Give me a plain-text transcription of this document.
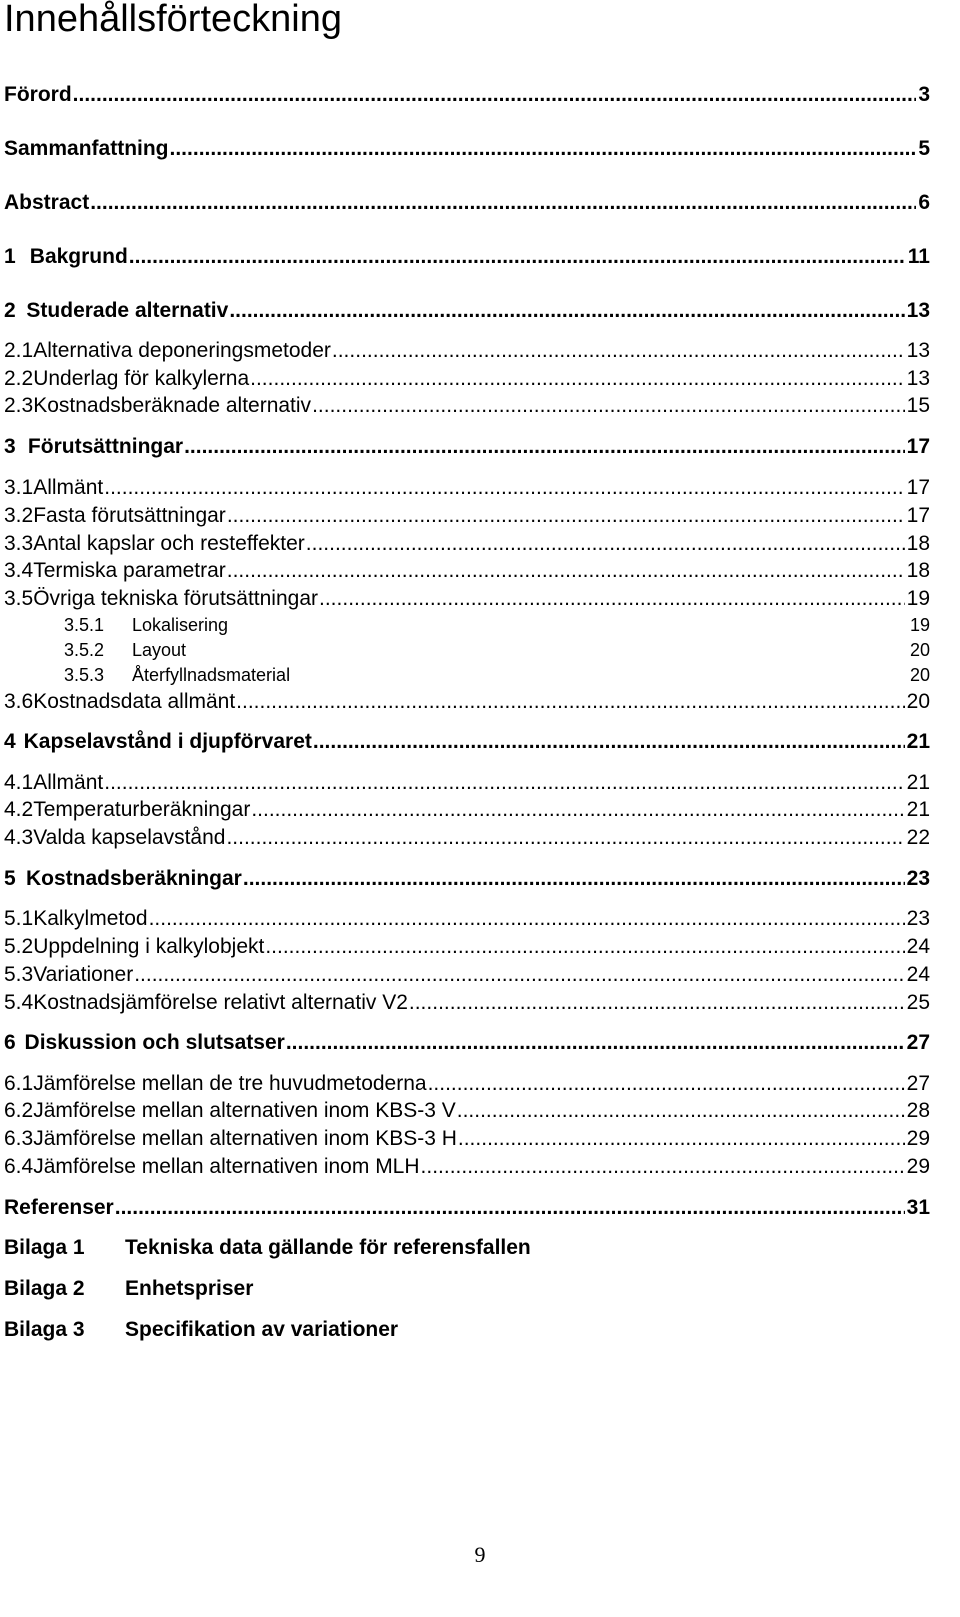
Innehållsförteckning
Förord .....	3
Sammanfattning .....	5
Abstract .....	6
1 Bakgrund .....	11
2 Studerade alternativ .....	13
2.1 Alternativa deponeringsmetoder .....	13
2.2 Underlag för kalkylerna .....	13
2.3 Kostnadsberäknade alternativ .....	15
3 Förutsättningar .....	17
3.1 Allmänt .....	17
3.2 Fasta förutsättningar .....	17
3.3 Antal kapslar och resteffekter .....	18
3.4 Termiska parametrar .....	18
3.5 Övriga tekniska förutsättningar .....	19
3.5.1	Lokalisering	19
3.5.2	Layout	20
3.5.3	Återfyllnadsmaterial	20
3.6 Kostnadsdata allmänt .....	20
4 Kapselavstånd i djupförvaret .....	21
4.1 Allmänt .....	21
4.2 Temperaturberäkningar .....	21
4.3 Valda kapselavstånd .....	22
5 Kostnadsberäkningar .....	23
5.1 Kalkylmetod .....	23
5.2 Uppdelning i kalkylobjekt .....	24
5.3 Variationer .....	24
5.4 Kostnadsjämförelse relativt alternativ V2 .....	25
6 Diskussion och slutsatser .....	27
6.1 Jämförelse mellan de tre huvudmetoderna .....	27
6.2 Jämförelse mellan alternativen inom KBS-3 V .....	28
6.3 Jämförelse mellan alternativen inom KBS-3 H .....	29
6.4 Jämförelse mellan alternativen inom MLH .....	29
Referenser .....	31
Bilaga 1 Tekniska data gällande för referensfallen
Bilaga 2 Enhetspriser
Bilaga 3 Specifikation av variationer
9
